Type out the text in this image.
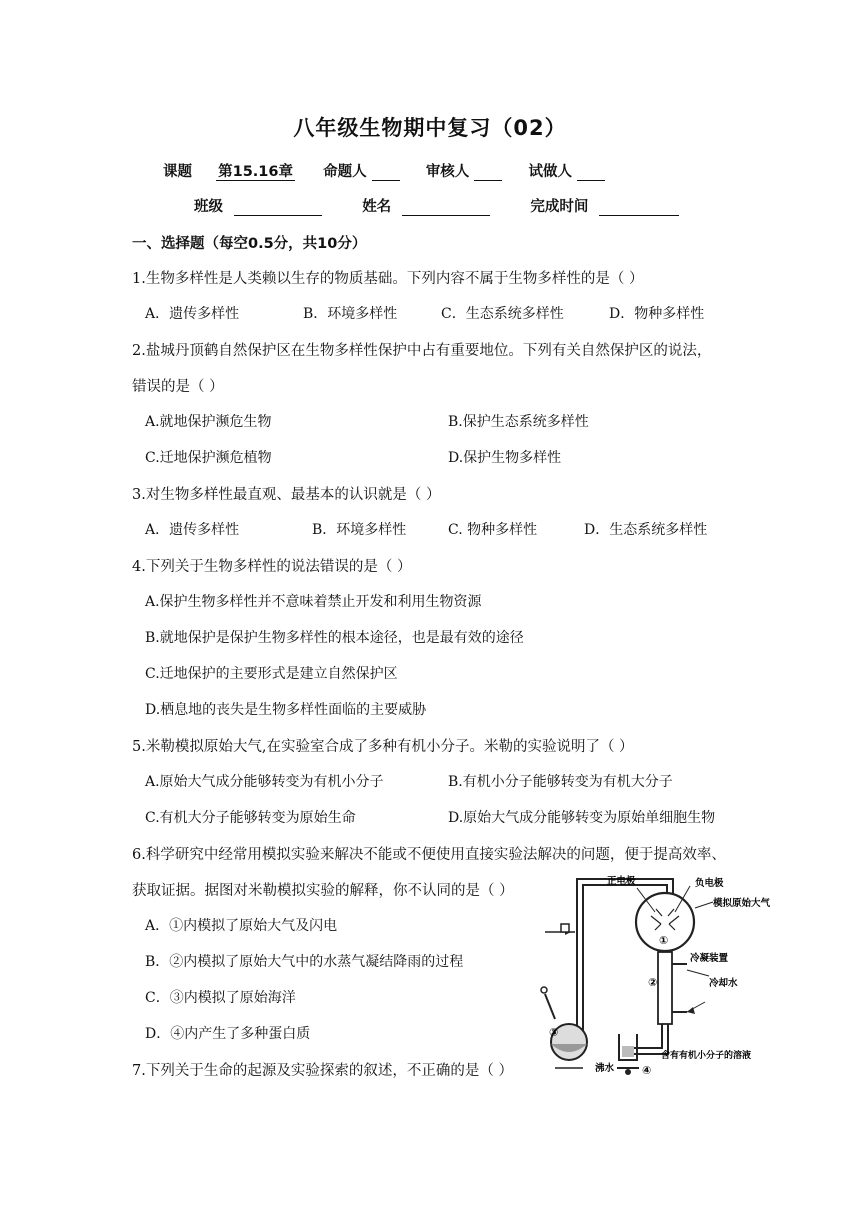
八年级生物期中复习（02）
课题 第15.16章 命题人	审核人	试做人
班级	姓名	完成时间
一、选择题（每空0.5分，共10分）
1.生物多样性是人类赖以生存的物质基础。下列内容不属于生物多样性的是（ ）
A．遗传多样性	B．环境多样性	C．生态系统多样性	D．物种多样性
2.盐城丹顶鹤自然保护区在生物多样性保护中占有重要地位。下列有关自然保护区的说法，
错误的是（ ）
A.就地保护濒危生物	B.保护生态系统多样性
C.迁地保护濒危植物	D.保护生物多样性
3.对生物多样性最直观、最基本的认识就是（ ）
A．遗传多样性	B．环境多样性	C. 物种多样性	D．生态系统多样性
4.下列关于生物多样性的说法错误的是（ ）
A.保护生物多样性并不意味着禁止开发和利用生物资源
B.就地保护是保护生物多样性的根本途径，也是最有效的途径
C.迁地保护的主要形式是建立自然保护区
D.栖息地的丧失是生物多样性面临的主要威胁
5.米勒模拟原始大气,在实验室合成了多种有机小分子。米勒的实验说明了（ ）
A.原始大气成分能够转变为有机小分子	B.有机小分子能够转变为有机大分子
C.有机大分子能够转变为原始生命	D.原始大气成分能够转变为原始单细胞生物
6.科学研究中经常用模拟实验来解决不能或不便使用直接实验法解决的问题，便于提高效率、
获取证据。据图对米勒模拟实验的解释，你不认同的是（ ）
A．①内模拟了原始大气及闪电
B．②内模拟了原始大气中的水蒸气凝结降雨的过程
C．③内模拟了原始海洋
D．④内产生了多种蛋白质
7.下列关于生命的起源及实验探索的叙述，不正确的是（ ）
正电极	负电极
模拟原始大气
冷凝装置
冷却水
沸水
含有有机小分子的溶液
①
②
③
④
